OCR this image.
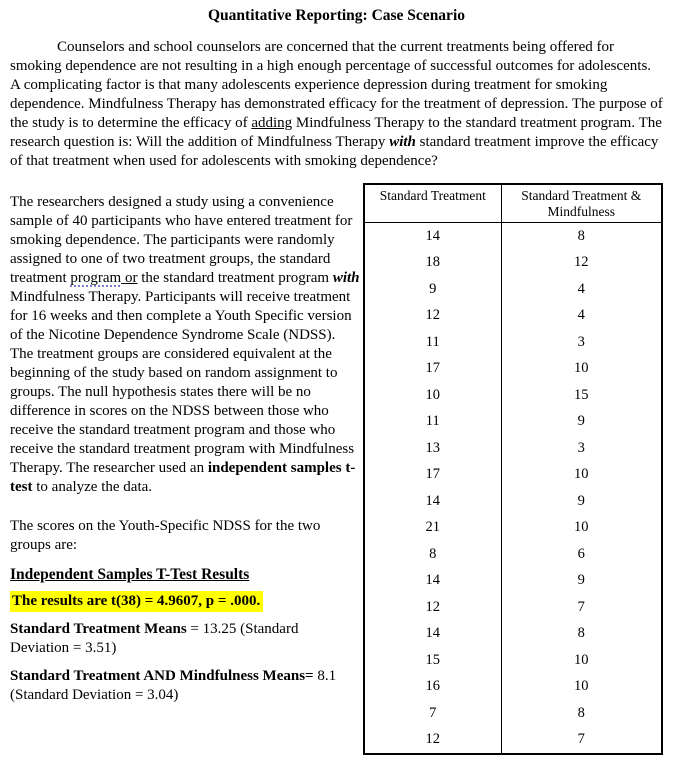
Quantitative Reporting: Case Scenario

Counselors and school counselors are concerned that the current treatments being offered for smoking dependence are not resulting in a high enough percentage of successful outcomes for adolescents. A complicating factor is that many adolescents experience depression during treatment for smoking dependence. Mindfulness Therapy has demonstrated efficacy for the treatment of depression. The purpose of the study is to determine the efficacy of adding Mindfulness Therapy to the standard treatment program. The research question is: Will the addition of Mindfulness Therapy with standard treatment improve the efficacy of that treatment when used for adolescents with smoking dependence?

The researchers designed a study using a convenience sample of 40 participants who have entered treatment for smoking dependence. The participants were randomly assigned to one of two treatment groups, the standard treatment program or the standard treatment program with Mindfulness Therapy. Participants will receive treatment for 16 weeks and then complete a Youth Specific version of the Nicotine Dependence Syndrome Scale (NDSS). The treatment groups are considered equivalent at the beginning of the study based on random assignment to groups. The null hypothesis states there will be no difference in scores on the NDSS between those who receive the standard treatment program and those who receive the standard treatment program with Mindfulness Therapy. The researcher used an independent samples t-test to analyze the data.

The scores on the Youth-Specific NDSS for the two groups are:

Independent Samples T-Test Results

The results are t(38) = 4.9607, p = .000.

Standard Treatment Means = 13.25 (Standard Deviation = 3.51)

Standard Treatment AND Mindfulness Means= 8.1 (Standard Deviation = 3.04)

Standard Treatment	Standard Treatment & Mindfulness
14	8
18	12
9	4
12	4
11	3
17	10
10	15
11	9
13	3
17	10
14	9
21	10
8	6
14	9
12	7
14	8
15	10
16	10
7	8
12	7
